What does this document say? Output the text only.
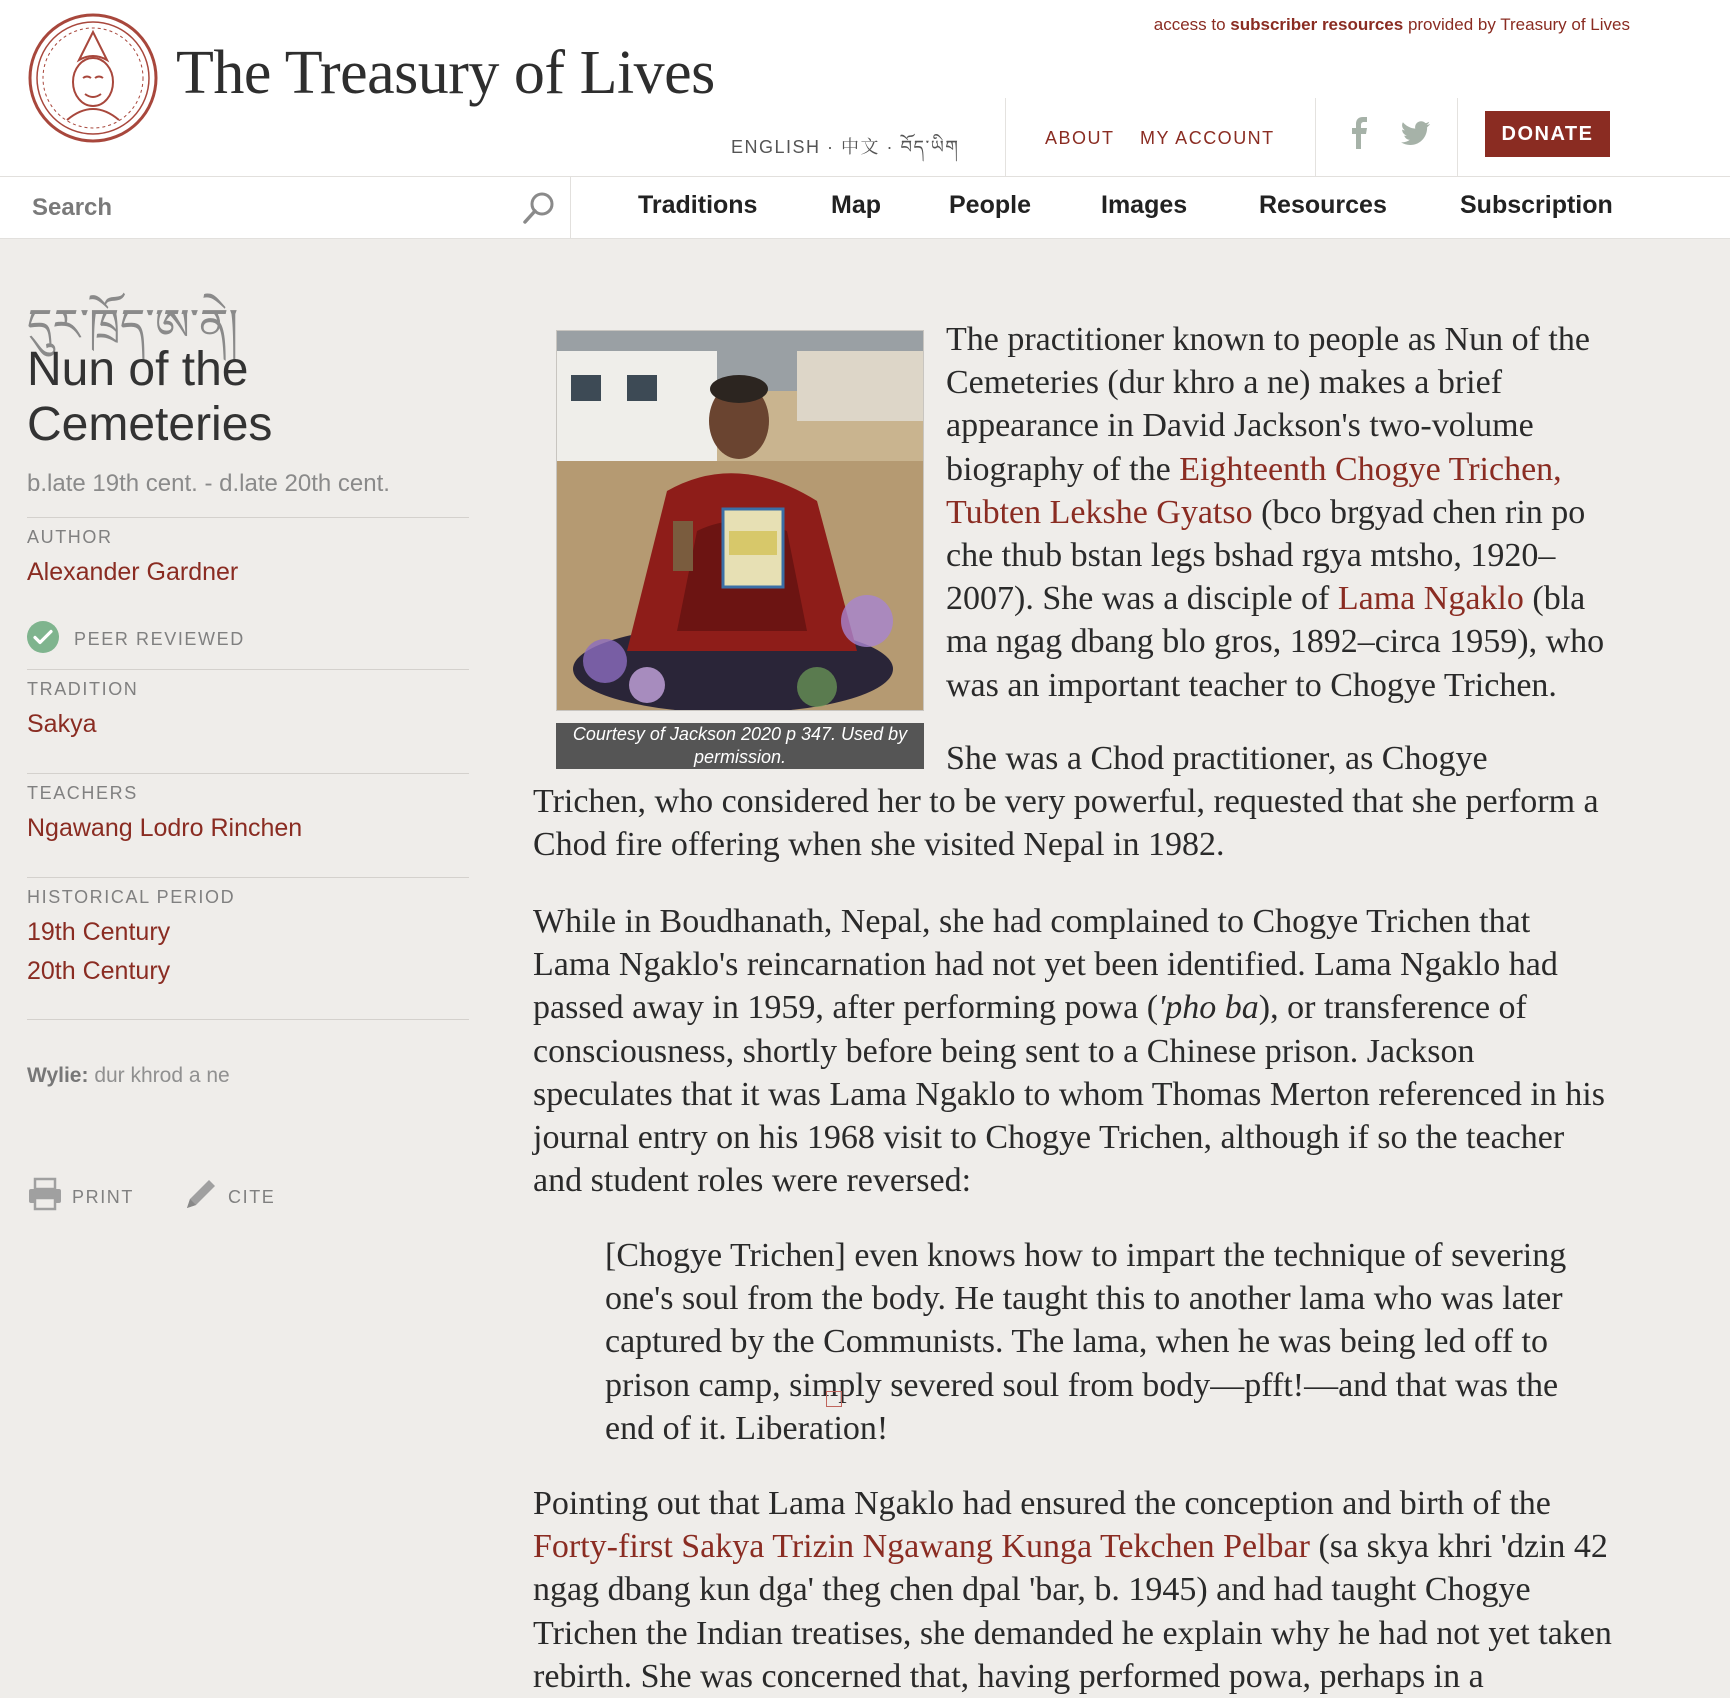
The Treasury of Lives
access to subscriber resources provided by Treasury of Lives
ENGLISH · 中文 · བོད་ཡིག	ABOUT MY ACCOUNT	DONATE
Search
Traditions	Map	People	Images	Resources	Subscription
དུར་ཁྲོད་ཨ་ནེ།
Nun of the Cemeteries
b.late 19th cent. - d.late 20th cent.
AUTHOR
Alexander Gardner
PEER REVIEWED
TRADITION
Sakya
TEACHERS
Ngawang Lodro Rinchen
HISTORICAL PERIOD
19th Century
20th Century
Wylie: dur khrod a ne
PRINT	CITE
Courtesy of Jackson 2020 p 347. Used by permission.
The practitioner known to people as Nun of the Cemeteries (dur khro a ne) makes a brief appearance in David Jackson's two-volume biography of the Eighteenth Chogye Trichen, Tubten Lekshe Gyatso (bco brgyad chen rin po che thub bstan legs bshad rgya mtsho, 1920–2007). She was a disciple of Lama Ngaklo (bla ma ngag dbang blo gros, 1892–circa 1959), who was an important teacher to Chogye Trichen.
She was a Chod practitioner, as Chogye
Trichen, who considered her to be very powerful, requested that she perform a Chod fire offering when she visited Nepal in 1982.
While in Boudhanath, Nepal, she had complained to Chogye Trichen that Lama Ngaklo's reincarnation had not yet been identified. Lama Ngaklo had passed away in 1959, after performing powa ('pho ba), or transference of consciousness, shortly before being sent to a Chinese prison. Jackson speculates that it was Lama Ngaklo to whom Thomas Merton referenced in his journal entry on his 1968 visit to Chogye Trichen, although if so the teacher and student roles were reversed:
[Chogye Trichen] even knows how to impart the technique of severing one's soul from the body. He taught this to another lama who was later captured by the Communists. The lama, when he was being led off to prison camp, simply severed soul from body—pfft!—and that was the end of it. Liberation!
Pointing out that Lama Ngaklo had ensured the conception and birth of the Forty-first Sakya Trizin Ngawang Kunga Tekchen Pelbar (sa skya khri 'dzin 42 ngag dbang kun dga' theg chen dpal 'bar, b. 1945) and had taught Chogye Trichen the Indian treatises, she demanded he explain why he had not yet taken rebirth. She was concerned that, having performed powa, perhaps in a
